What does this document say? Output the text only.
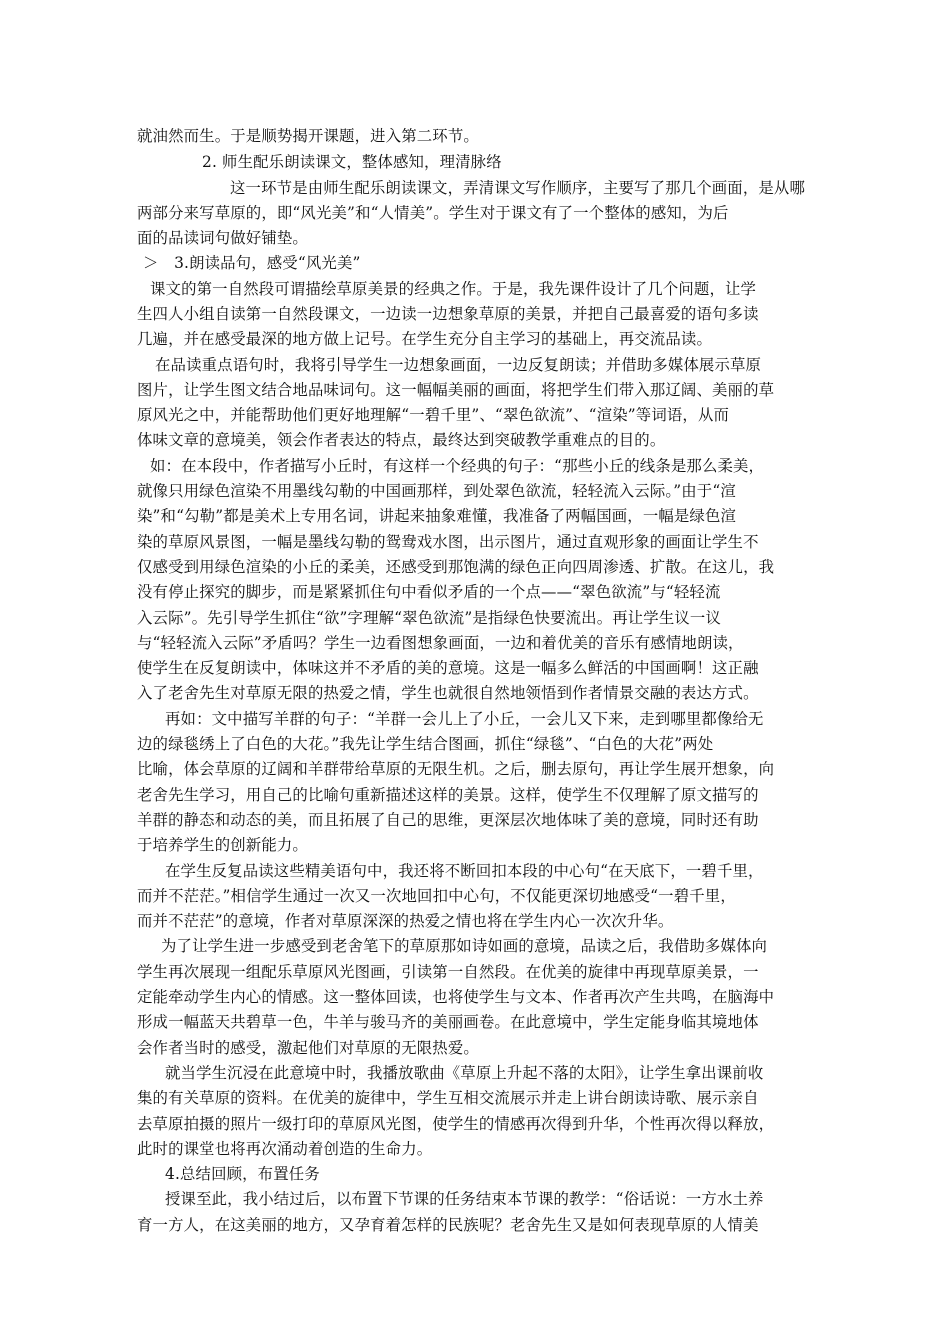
就油然而生。于是顺势揭开课题，进入第二环节。
2. 师生配乐朗读课文，整体感知，理清脉络
这一环节是由师生配乐朗读课文，弄清课文写作顺序，主要写了那几个画面，是从哪
两部分来写草原的，即“风光美”和“人情美”。学生对于课文有了一个整体的感知，为后
面的品读词句做好铺垫。
＞　3.朗读品句，感受“风光美”
课文的第一自然段可谓描绘草原美景的经典之作。于是，我先课件设计了几个问题，让学
生四人小组自读第一自然段课文，一边读一边想象草原的美景，并把自己最喜爱的语句多读
几遍，并在感受最深的地方做上记号。在学生充分自主学习的基础上，再交流品读。
在品读重点语句时，我将引导学生一边想象画面，一边反复朗读；并借助多媒体展示草原
图片，让学生图文结合地品味词句。这一幅幅美丽的画面，将把学生们带入那辽阔、美丽的草
原风光之中，并能帮助他们更好地理解“一碧千里”、“翠色欲流”、“渲染”等词语，从而
体味文章的意境美，领会作者表达的特点，最终达到突破教学重难点的目的。
如：在本段中，作者描写小丘时，有这样一个经典的句子：“那些小丘的线条是那么柔美，
就像只用绿色渲染不用墨线勾勒的中国画那样，到处翠色欲流，轻轻流入云际。”由于“渲
染”和“勾勒”都是美术上专用名词，讲起来抽象难懂，我准备了两幅国画，一幅是绿色渲
染的草原风景图，一幅是墨线勾勒的鸳鸯戏水图，出示图片，通过直观形象的画面让学生不
仅感受到用绿色渲染的小丘的柔美，还感受到那饱满的绿色正向四周渗透、扩散。在这儿，我
没有停止探究的脚步，而是紧紧抓住句中看似矛盾的一个点——“翠色欲流”与“轻轻流
入云际”。先引导学生抓住“欲”字理解“翠色欲流”是指绿色快要流出。再让学生议一议
与“轻轻流入云际”矛盾吗？学生一边看图想象画面，一边和着优美的音乐有感情地朗读，
使学生在反复朗读中，体味这并不矛盾的美的意境。这是一幅多么鲜活的中国画啊！这正融
入了老舍先生对草原无限的热爱之情，学生也就很自然地领悟到作者情景交融的表达方式。
再如：文中描写羊群的句子：“羊群一会儿上了小丘，一会儿又下来，走到哪里都像给无
边的绿毯绣上了白色的大花。”我先让学生结合图画，抓住“绿毯”、“白色的大花”两处
比喻，体会草原的辽阔和羊群带给草原的无限生机。之后，删去原句，再让学生展开想象，向
老舍先生学习，用自己的比喻句重新描述这样的美景。这样，使学生不仅理解了原文描写的
羊群的静态和动态的美，而且拓展了自己的思维，更深层次地体味了美的意境，同时还有助
于培养学生的创新能力。
在学生反复品读这些精美语句中，我还将不断回扣本段的中心句“在天底下，一碧千里，
而并不茫茫。”相信学生通过一次又一次地回扣中心句，不仅能更深切地感受“一碧千里，
而并不茫茫”的意境，作者对草原深深的热爱之情也将在学生内心一次次升华。
为了让学生进一步感受到老舍笔下的草原那如诗如画的意境，品读之后，我借助多媒体向
学生再次展现一组配乐草原风光图画，引读第一自然段。在优美的旋律中再现草原美景，一
定能牵动学生内心的情感。这一整体回读，也将使学生与文本、作者再次产生共鸣，在脑海中
形成一幅蓝天共碧草一色，牛羊与骏马齐的美丽画卷。在此意境中，学生定能身临其境地体
会作者当时的感受，激起他们对草原的无限热爱。
就当学生沉浸在此意境中时，我播放歌曲《草原上升起不落的太阳》，让学生拿出课前收
集的有关草原的资料。在优美的旋律中，学生互相交流展示并走上讲台朗读诗歌、展示亲自
去草原拍摄的照片一级打印的草原风光图，使学生的情感再次得到升华，个性再次得以释放，
此时的课堂也将再次涌动着创造的生命力。
4.总结回顾，布置任务
授课至此，我小结过后，以布置下节课的任务结束本节课的教学：“俗话说：一方水土养
育一方人，在这美丽的地方，又孕育着怎样的民族呢？老舍先生又是如何表现草原的人情美
